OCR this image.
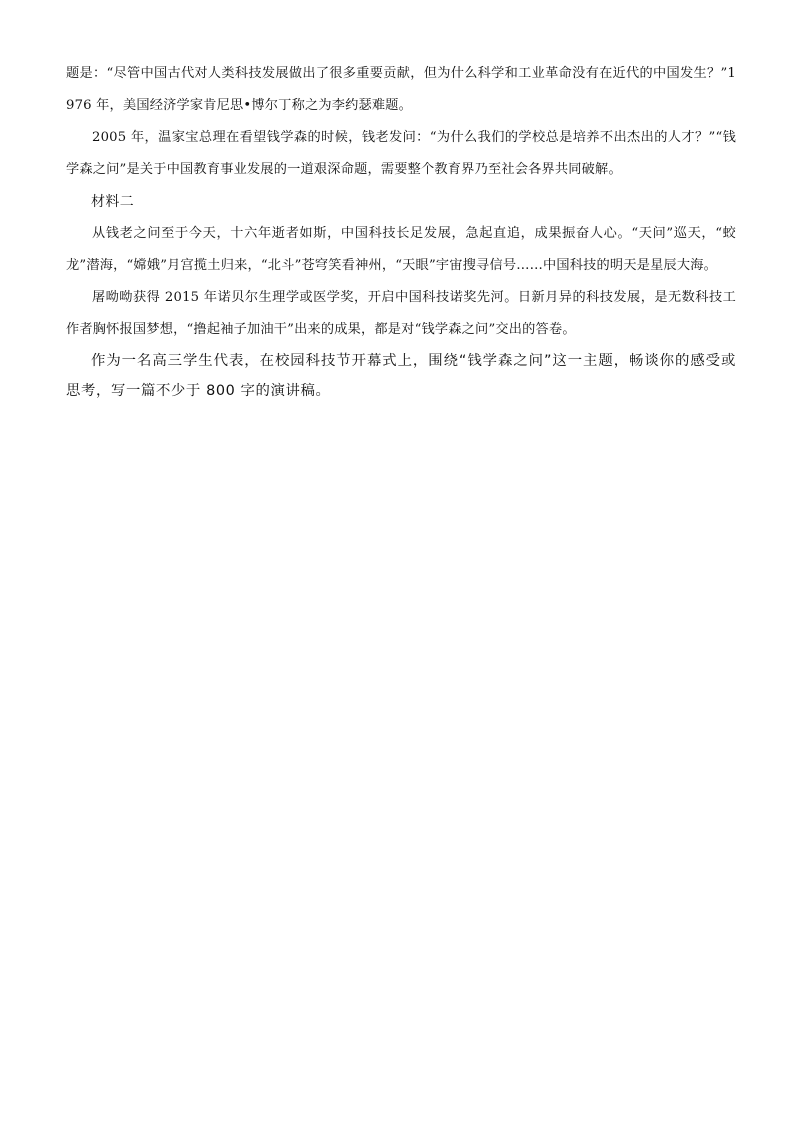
题是：“尽管中国古代对人类科技发展做出了很多重要贡献，但为什么科学和工业革命没有在近代的中国发生？”1976 年，美国经济学家肯尼思•博尔丁称之为李约瑟难题。

2005 年，温家宝总理在看望钱学森的时候，钱老发问：“为什么我们的学校总是培养不出杰出的人才？”“钱学森之问”是关于中国教育事业发展的一道艰深命题，需要整个教育界乃至社会各界共同破解。

材料二

从钱老之问至于今天，十六年逝者如斯，中国科技长足发展，急起直追，成果振奋人心。“天问”巡天，“蛟龙”潜海，“嫦娥”月宫揽土归来，“北斗”苍穹笑看神州，“天眼”宇宙搜寻信号……中国科技的明天是星辰大海。

屠呦呦获得 2015 年诺贝尔生理学或医学奖，开启中国科技诺奖先河。日新月异的科技发展，是无数科技工作者胸怀报国梦想，“撸起袖子加油干”出来的成果，都是对“钱学森之问”交出的答卷。

作为一名高三学生代表，在校园科技节开幕式上，围绕“钱学森之问”这一主题，畅谈你的感受或思考，写一篇不少于 800 字的演讲稿。
